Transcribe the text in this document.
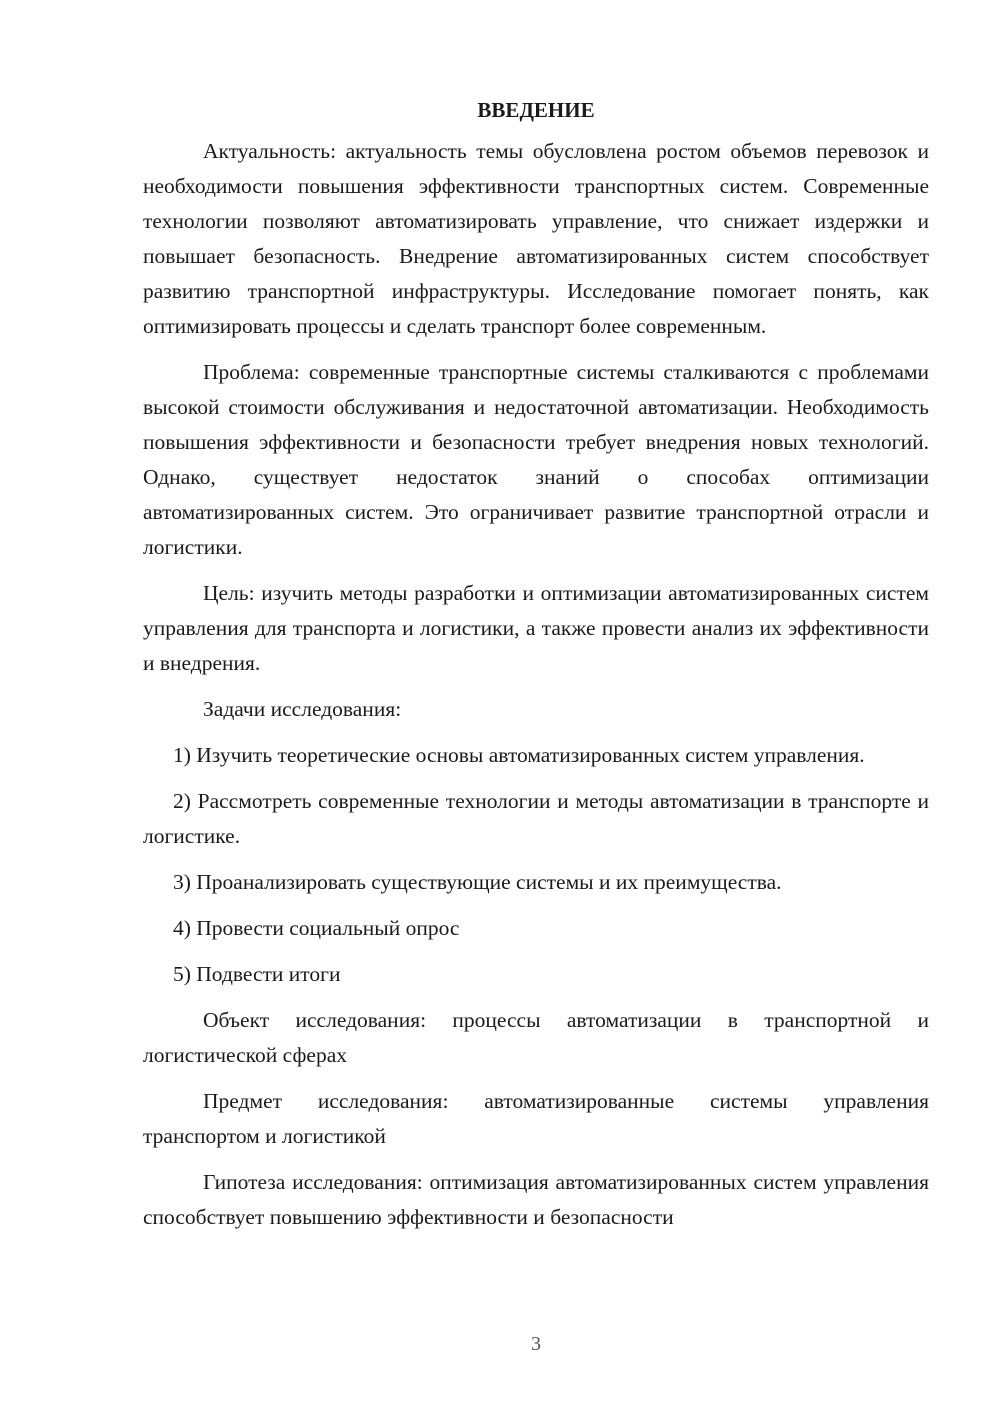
ВВЕДЕНИЕ

Актуальность: актуальность темы обусловлена ростом объемов перевозок и необходимости повышения эффективности транспортных систем. Современные технологии позволяют автоматизировать управление, что снижает издержки и повышает безопасность. Внедрение автоматизированных систем способствует развитию транспортной инфраструктуры. Исследование помогает понять, как оптимизировать процессы и сделать транспорт более современным.

Проблема: современные транспортные системы сталкиваются с проблемами высокой стоимости обслуживания и недостаточной автоматизации. Необходимость повышения эффективности и безопасности требует внедрения новых технологий. Однако, существует недостаток знаний о способах оптимизации автоматизированных систем. Это ограничивает развитие транспортной отрасли и логистики.

Цель: изучить методы разработки и оптимизации автоматизированных систем управления для транспорта и логистики, а также провести анализ их эффективности и внедрения.

Задачи исследования:

1) Изучить теоретические основы автоматизированных систем управления.

2) Рассмотреть современные технологии и методы автоматизации в транспорте и логистике.

3) Проанализировать существующие системы и их преимущества.

4) Провести социальный опрос

5) Подвести итоги

Объект исследования: процессы автоматизации в транспортной и логистической сферах

Предмет исследования: автоматизированные системы управления транспортом и логистикой

Гипотеза исследования: оптимизация автоматизированных систем управления способствует повышению эффективности и безопасности

3
